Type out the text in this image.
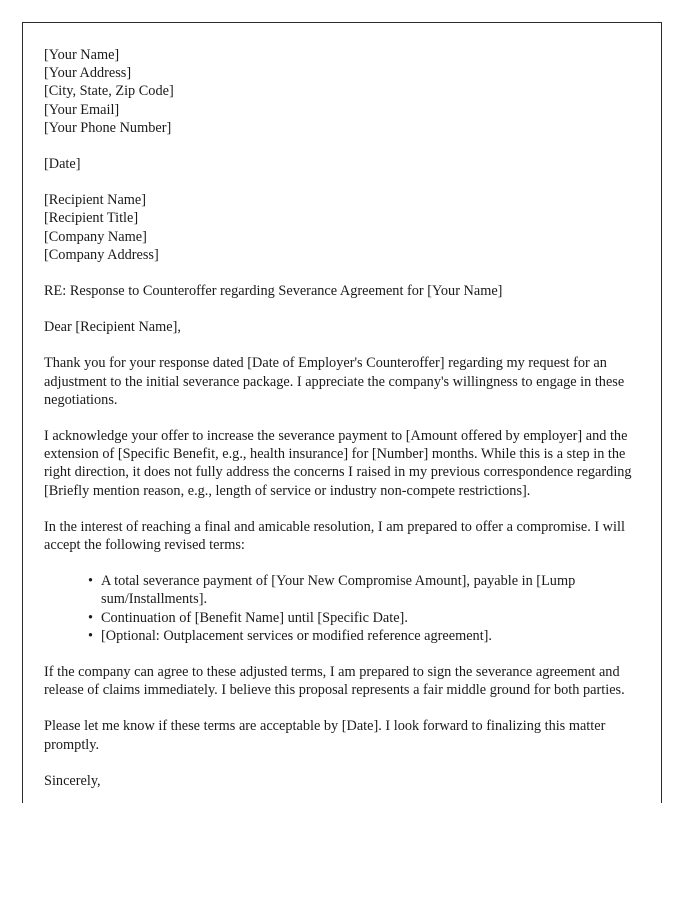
[Your Name]
[Your Address]
[City, State, Zip Code]
[Your Email]
[Your Phone Number]

[Date]

[Recipient Name]
[Recipient Title]
[Company Name]
[Company Address]

RE: Response to Counteroffer regarding Severance Agreement for [Your Name]

Dear [Recipient Name],

Thank you for your response dated [Date of Employer's Counteroffer] regarding my request for an adjustment to the initial severance package. I appreciate the company's willingness to engage in these negotiations.

I acknowledge your offer to increase the severance payment to [Amount offered by employer] and the extension of [Specific Benefit, e.g., health insurance] for [Number] months. While this is a step in the right direction, it does not fully address the concerns I raised in my previous correspondence regarding [Briefly mention reason, e.g., length of service or industry non-compete restrictions].

In the interest of reaching a final and amicable resolution, I am prepared to offer a compromise. I will accept the following revised terms:

• A total severance payment of [Your New Compromise Amount], payable in [Lump sum/Installments].
• Continuation of [Benefit Name] until [Specific Date].
• [Optional: Outplacement services or modified reference agreement].

If the company can agree to these adjusted terms, I am prepared to sign the severance agreement and release of claims immediately. I believe this proposal represents a fair middle ground for both parties.

Please let me know if these terms are acceptable by [Date]. I look forward to finalizing this matter promptly.

Sincerely,
